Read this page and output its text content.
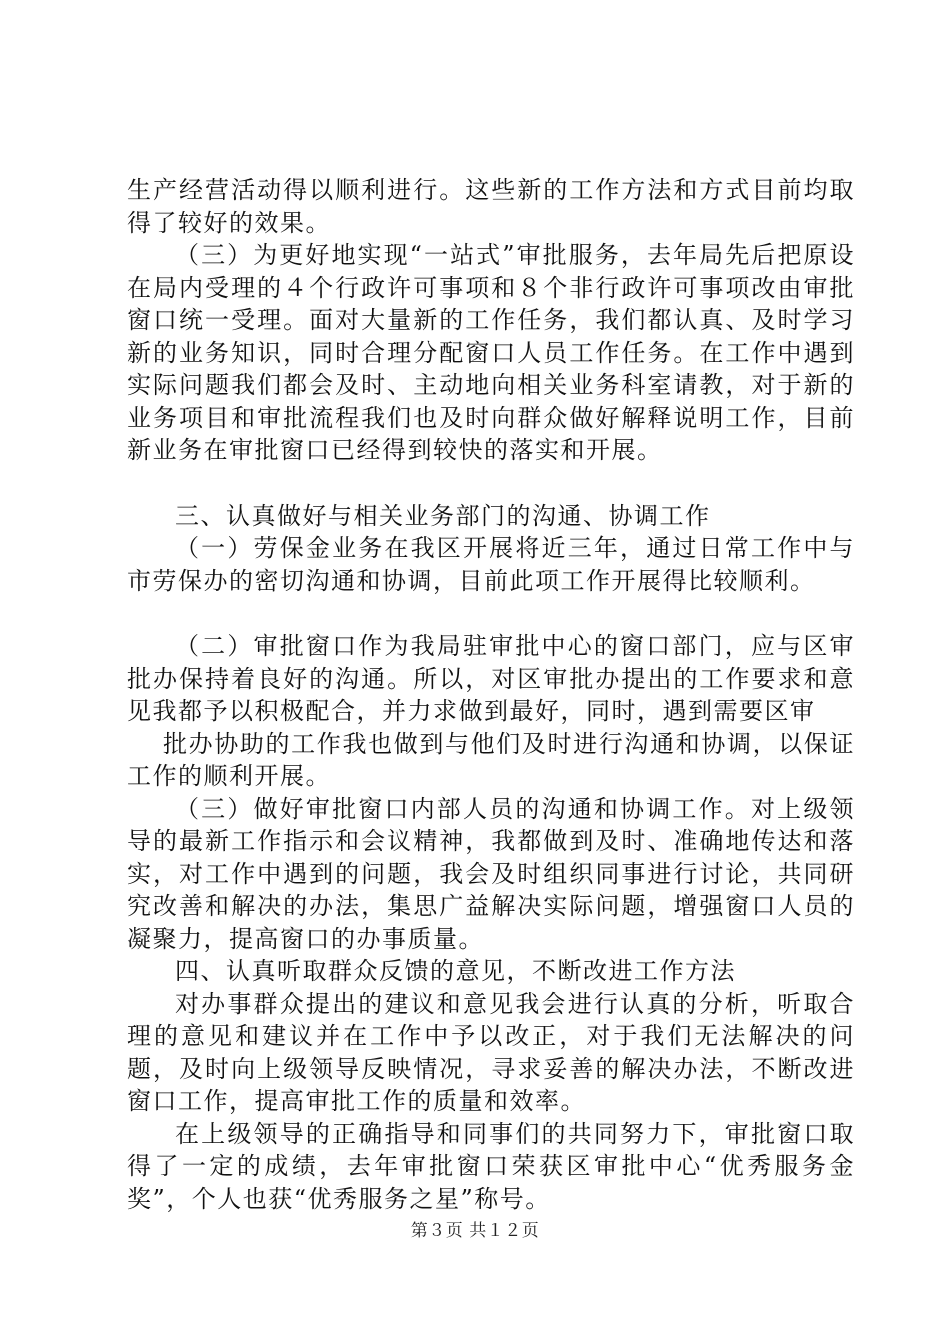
生产经营活动得以顺利进行。这些新的工作方法和方式目前均取得了较好的效果。

（三）为更好地实现“一站式”审批服务，去年局先后把原设在局内受理的４个行政许可事项和８个非行政许可事项改由审批窗口统一受理。面对大量新的工作任务，我们都认真、及时学习新的业务知识，同时合理分配窗口人员工作任务。在工作中遇到实际问题我们都会及时、主动地向相关业务科室请教，对于新的业务项目和审批流程我们也及时向群众做好解释说明工作，目前新业务在审批窗口已经得到较快的落实和开展。

三、认真做好与相关业务部门的沟通、协调工作

（一）劳保金业务在我区开展将近三年，通过日常工作中与市劳保办的密切沟通和协调，目前此项工作开展得比较顺利。

（二）审批窗口作为我局驻审批中心的窗口部门，应与区审批办保持着良好的沟通。所以，对区审批办提出的工作要求和意见我都予以积极配合，并力求做到最好，同时，遇到需要区审

批办协助的工作我也做到与他们及时进行沟通和协调，以保证工作的顺利开展。

（三）做好审批窗口内部人员的沟通和协调工作。对上级领导的最新工作指示和会议精神，我都做到及时、准确地传达和落实，对工作中遇到的问题，我会及时组织同事进行讨论，共同研究改善和解决的办法，集思广益解决实际问题，增强窗口人员的凝聚力，提高窗口的办事质量。

四、认真听取群众反馈的意见，不断改进工作方法

对办事群众提出的建议和意见我会进行认真的分析，听取合理的意见和建议并在工作中予以改正，对于我们无法解决的问题，及时向上级领导反映情况，寻求妥善的解决办法，不断改进窗口工作，提高审批工作的质量和效率。

在上级领导的正确指导和同事们的共同努力下，审批窗口取得了一定的成绩，去年审批窗口荣获区审批中心“优秀服务金奖”，个人也获“优秀服务之星”称号。

第３页 共１２页
